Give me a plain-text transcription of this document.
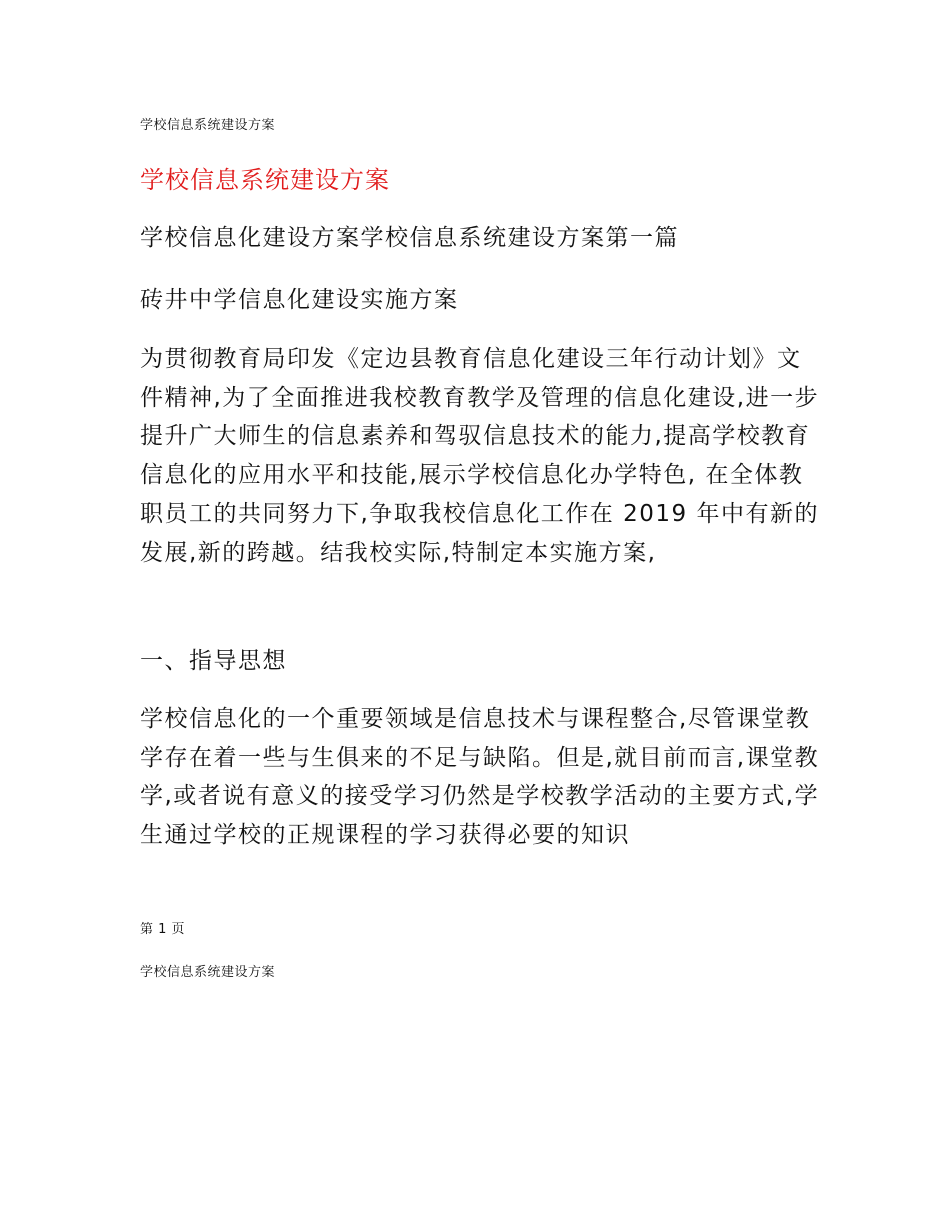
学校信息系统建设方案
学校信息系统建设方案
学校信息化建设方案学校信息系统建设方案第一篇
砖井中学信息化建设实施方案

为贯彻教育局印发《定边县教育信息化建设三年行动计划》文件精神,为了全面推进我校教育教学及管理的信息化建设,进一步提升广大师生的信息素养和驾驭信息技术的能力,提高学校教育信息化的应用水平和技能,展示学校信息化办学特色, 在全体教职员工的共同努力下,争取我校信息化工作在 2019 年中有新的发展,新的跨越。结我校实际,特制定本实施方案,

一、指导思想

学校信息化的一个重要领域是信息技术与课程整合,尽管课堂教学存在着一些与生俱来的不足与缺陷。但是,就目前而言,课堂教学,或者说有意义的接受学习仍然是学校教学活动的主要方式,学生通过学校的正规课程的学习获得必要的知识

第 1 页
学校信息系统建设方案
